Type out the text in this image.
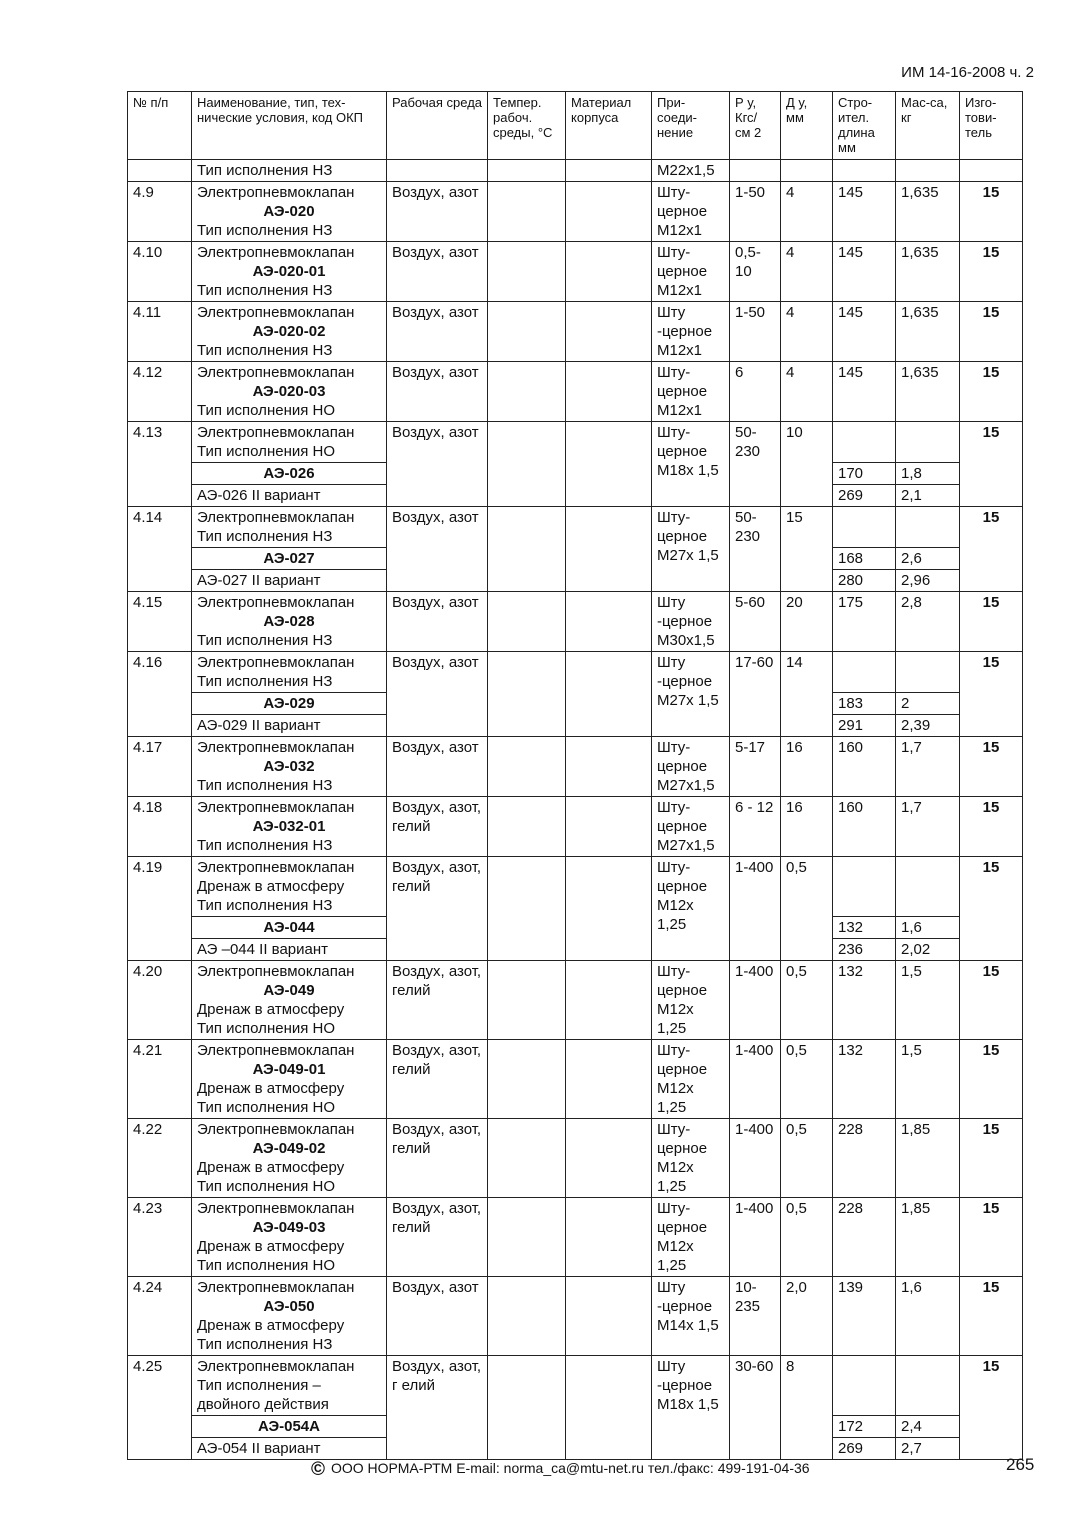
ИМ 14-16-2008 ч. 2
№ п/п	Наименование, тип, тех-нические условия, код ОКП	Рабочая среда	Темпер. рабоч. среды, °С	Материал корпуса	При-соеди-нение	Р у, Кгс/ см 2	Д у, мм	Стро-ител. длина мм	Мас-са, кг	Изго-тови-тель
	Тип исполнения НЗ				М22х1,5					
4.9	Электропневмоклапан
АЭ-020
Тип исполнения НЗ	Воздух, азот			Шту-церное М12х1	1-50	4	145	1,635	15
4.10	Электропневмоклапан
АЭ-020-01
Тип исполнения НЗ	Воздух, азот			Шту-церное М12х1	0,5-10	4	145	1,635	15
4.11	Электропневмоклапан
АЭ-020-02
Тип исполнения НЗ	Воздух, азот			Шту -церное М12х1	1-50	4	145	1,635	15
4.12	Электропневмоклапан
АЭ-020-03
Тип исполнения НО	Воздух, азот			Шту-церное М12х1	6	4	145	1,635	15
4.13	Электропневмоклапан
Тип исполнения НО	Воздух, азот			Шту-церное М18х 1,5	50-230	10			15
	АЭ-026							170	1,8	
	АЭ-026 II вариант							269	2,1	
4.14	Электропневмоклапан
Тип исполнения НЗ	Воздух, азот			Шту-церное М27х 1,5	50-230	15			15
	АЭ-027							168	2,6	
	АЭ-027 II вариант							280	2,96	
4.15	Электропневмоклапан
АЭ-028
Тип исполнения НЗ	Воздух, азот			Шту -церное М30х1,5	5-60	20	175	2,8	15
4.16	Электропневмоклапан
Тип исполнения НЗ	Воздух, азот			Шту -церное М27х 1,5	17-60	14			15
	АЭ-029							183	2	
	АЭ-029 II вариант							291	2,39	
4.17	Электропневмоклапан
АЭ-032
Тип исполнения НЗ	Воздух, азот			Шту-церное М27х1,5	5-17	16	160	1,7	15
4.18	Электропневмоклапан
АЭ-032-01
Тип исполнения НЗ	Воздух, азот, гелий			Шту-церное М27х1,5	6 - 12	16	160	1,7	15
4.19	Электропневмоклапан
Дренаж в атмосферу
Тип исполнения НЗ	Воздух, азот, гелий			Шту-церное М12х 1,25	1-400	0,5			15
	АЭ-044							132	1,6	
	АЭ –044 II вариант							236	2,02	
4.20	Электропневмоклапан
АЭ-049
Дренаж в атмосферу
Тип исполнения НО	Воздух, азот, гелий			Шту-церное М12х 1,25	1-400	0,5	132	1,5	15
4.21	Электропневмоклапан
АЭ-049-01
Дренаж в атмосферу
Тип исполнения НО	Воздух, азот, гелий			Шту-церное М12х 1,25	1-400	0,5	132	1,5	15
4.22	Электропневмоклапан
АЭ-049-02
Дренаж в атмосферу
Тип исполнения НО	Воздух, азот, гелий			Шту-церное М12х 1,25	1-400	0,5	228	1,85	15
4.23	Электропневмоклапан
АЭ-049-03
Дренаж в атмосферу
Тип исполнения НО	Воздух, азот, гелий			Шту-церное М12х 1,25	1-400	0,5	228	1,85	15
4.24	Электропневмоклапан
АЭ-050
Дренаж в атмосферу
Тип исполнения НЗ	Воздух, азот			Шту -церное М14х 1,5	10-235	2,0	139	1,6	15
4.25	Электропневмоклапан
Тип исполнения – двойного действия	Воздух, азот, г елий			Шту -церное М18х 1,5	30-60	8			15
	АЭ-054А							172	2,4	
	АЭ-054 II вариант							269	2,7	
© ООО НОРМА-РТМ E-mail: norma_ca@mtu-net.ru тел./факс: 499-191-04-36	265
